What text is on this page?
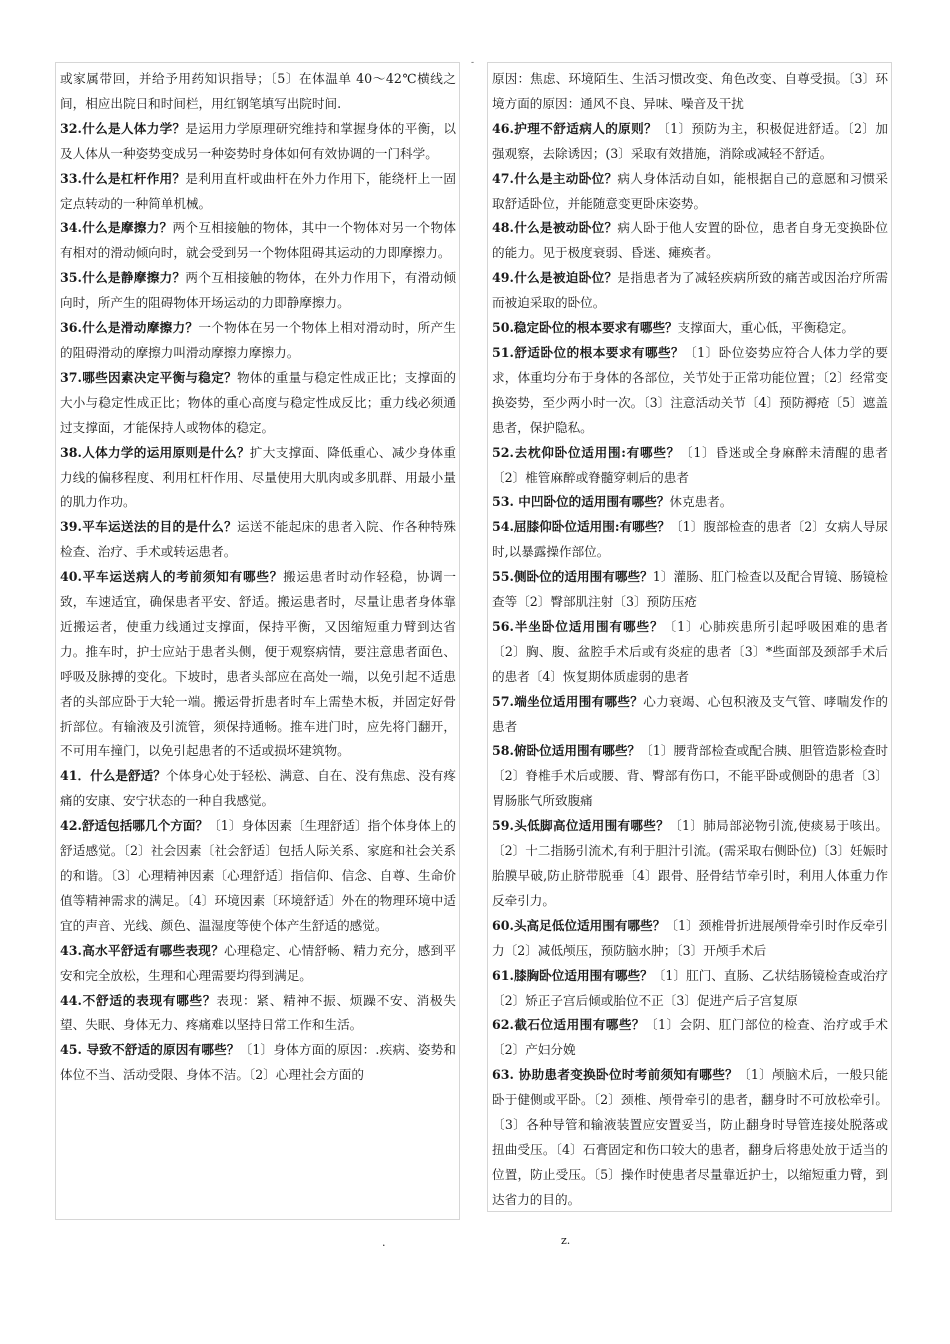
-

或家属带回，并给予用药知识指导；〔5〕在体温单 40～42℃横线之间，相应出院日和时间栏，用红钢笔填写出院时间.

32.什么是人体力学？是运用力学原理研究维持和掌握身体的平衡，以及人体从一种姿势变成另一种姿势时身体如何有效协调的一门科学。

33.什么是杠杆作用？是利用直杆或曲杆在外力作用下，能绕杆上一固定点转动的一种简单机械。

34.什么是摩擦力？两个互相接触的物体，其中一个物体对另一个物体有相对的滑动倾向时，就会受到另一个物体阻碍其运动的力即摩擦力。

35.什么是静摩擦力？两个互相接触的物体，在外力作用下，有滑动倾向时，所产生的阻碍物体开场运动的力即静摩擦力。

36.什么是滑动摩擦力？一个物体在另一个物体上相对滑动时，所产生的阻碍滑动的摩擦力叫滑动摩擦力摩擦力。

37.哪些因素决定平衡与稳定？物体的重量与稳定性成正比；支撑面的大小与稳定性成正比；物体的重心高度与稳定性成反比；重力线必须通过支撑面，才能保持人或物体的稳定。

38.人体力学的运用原则是什么？扩大支撑面、降低重心、减少身体重力线的偏移程度、利用杠杆作用、尽量使用大肌肉或多肌群、用最小量的肌力作功。

39.平车运送法的目的是什么？运送不能起床的患者入院、作各种特殊检查、治疗、手术或转运患者。

40.平车运送病人的考前须知有哪些？搬运患者时动作轻稳，协调一致，车速适宜，确保患者平安、舒适。搬运患者时，尽量让患者身体靠近搬运者，使重力线通过支撑面，保持平衡，又因缩短重力臂到达省力。推车时，护士应站于患者头侧，便于观察病情，要注意患者面色、呼吸及脉搏的变化。下坡时，患者头部应在高处一端，以免引起不适患者的头部应卧于大轮一端。搬运骨折患者时车上需垫木板，并固定好骨折部位。有输液及引流管，须保持通畅。推车进门时，应先将门翻开，不可用车撞门，以免引起患者的不适或损坏建筑物。

41．什么是舒适？个体身心处于轻松、满意、自在、没有焦虑、没有疼痛的安康、安宁状态的一种自我感觉。

42.舒适包括哪几个方面？〔1〕身体因素〔生理舒适〕指个体身体上的舒适感觉。〔2〕社会因素〔社会舒适〕包括人际关系、家庭和社会关系的和谐。〔3〕心理精神因素〔心理舒适〕指信仰、信念、自尊、生命价值等精神需求的满足。〔4〕环境因素〔环境舒适〕外在的物理环境中适宜的声音、光线、颜色、温湿度等使个体产生舒适的感觉。

43.高水平舒适有哪些表现？心理稳定、心情舒畅、精力充分，感到平安和完全放松，生理和心理需要均得到满足。

44.不舒适的表现有哪些？表现：紧、精神不振、烦躁不安、消极失望、失眠、身体无力、疼痛难以坚持日常工作和生活。

45. 导致不舒适的原因有哪些？〔1〕身体方面的原因：.疾病、姿势和体位不当、活动受限、身体不洁。〔2〕心理社会方面的

原因：焦虑、环境陌生、生活习惯改变、角色改变、自尊受损。〔3〕环境方面的原因：通风不良、异味、噪音及干扰

46.护理不舒适病人的原则？〔1〕预防为主，积极促进舒适。〔2〕加强观察，去除诱因；(3〕采取有效措施，消除或减轻不舒适。

47.什么是主动卧位？病人身体活动自如，能根据自己的意愿和习惯采取舒适卧位，并能随意变更卧床姿势。

48.什么是被动卧位？病人卧于他人安置的卧位，患者自身无变换卧位的能力。见于极度衰弱、昏迷、瘫痪者。

49.什么是被迫卧位？是指患者为了减轻疾病所致的痛苦或因治疗所需而被迫采取的卧位。

50.稳定卧位的根本要求有哪些？支撑面大，重心低，平衡稳定。

51.舒适卧位的根本要求有哪些？〔1〕卧位姿势应符合人体力学的要求，体重均分布于身体的各部位，关节处于正常功能位置；〔2〕经常变换姿势，至少两小时一次。〔3〕注意活动关节〔4〕预防褥疮〔5〕遮盖患者，保护隐私。

52.去枕仰卧位适用围:有哪些？〔1〕昏迷或全身麻醉未清醒的患者〔2〕椎管麻醉或脊髓穿刺后的患者

53. 中凹卧位的适用围有哪些？休克患者。

54.屈膝仰卧位适用围:有哪些？〔1〕腹部检查的患者〔2〕女病人导尿时,以暴露操作部位。

55.侧卧位的适用围有哪些？1〕灌肠、肛门检查以及配合胃镜、肠镜检查等〔2〕臀部肌注射〔3〕预防压疮

56.半坐卧位适用围有哪些？〔1〕心肺疾患所引起呼吸困难的患者〔2〕胸、腹、盆腔手术后或有炎症的患者〔3〕*些面部及颈部手术后的患者〔4〕恢复期体质虚弱的患者

57.端坐位适用围有哪些？心力衰竭、心包积液及支气管、哮喘发作的患者

58.俯卧位适用围有哪些？〔1〕腰背部检查或配合胰、胆管造影检查时〔2〕脊椎手术后或腰、背、臀部有伤口，不能平卧或侧卧的患者〔3〕胃肠胀气所致腹痛

59.头低脚高位适用围有哪些？〔1〕肺局部泌物引流,使痰易于咳出。〔2〕十二指肠引流术,有利于胆汁引流。(需采取右侧卧位)〔3〕妊娠时胎膜早破,防止脐带脱垂〔4〕跟骨、胫骨结节牵引时，利用人体重力作反牵引力。

60.头高足低位适用围有哪些？〔1〕颈椎骨折进展颅骨牵引时作反牵引力〔2〕减低颅压，预防脑水肿；〔3〕开颅手术后

61.膝胸卧位适用围有哪些？〔1〕肛门、直肠、乙状结肠镜检查或治疗〔2〕矫正子宫后倾或胎位不正〔3〕促进产后子宫复原

62.截石位适用围有哪些？〔1〕会阴、肛门部位的检查、治疗或手术〔2〕产妇分娩

63. 协助患者变换卧位时考前须知有哪些？〔1〕颅脑术后，一般只能卧于健侧或平卧。〔2〕颈椎、颅骨牵引的患者，翻身时不可放松牵引。〔3〕各种导管和输液装置应安置妥当，防止翻身时导管连接处脱落或扭曲受压。〔4〕石膏固定和伤口较大的患者，翻身后将患处放于适当的位置，防止受压。〔5〕操作时使患者尽量靠近护士，以缩短重力臂，到达省力的目的。

.	z.
